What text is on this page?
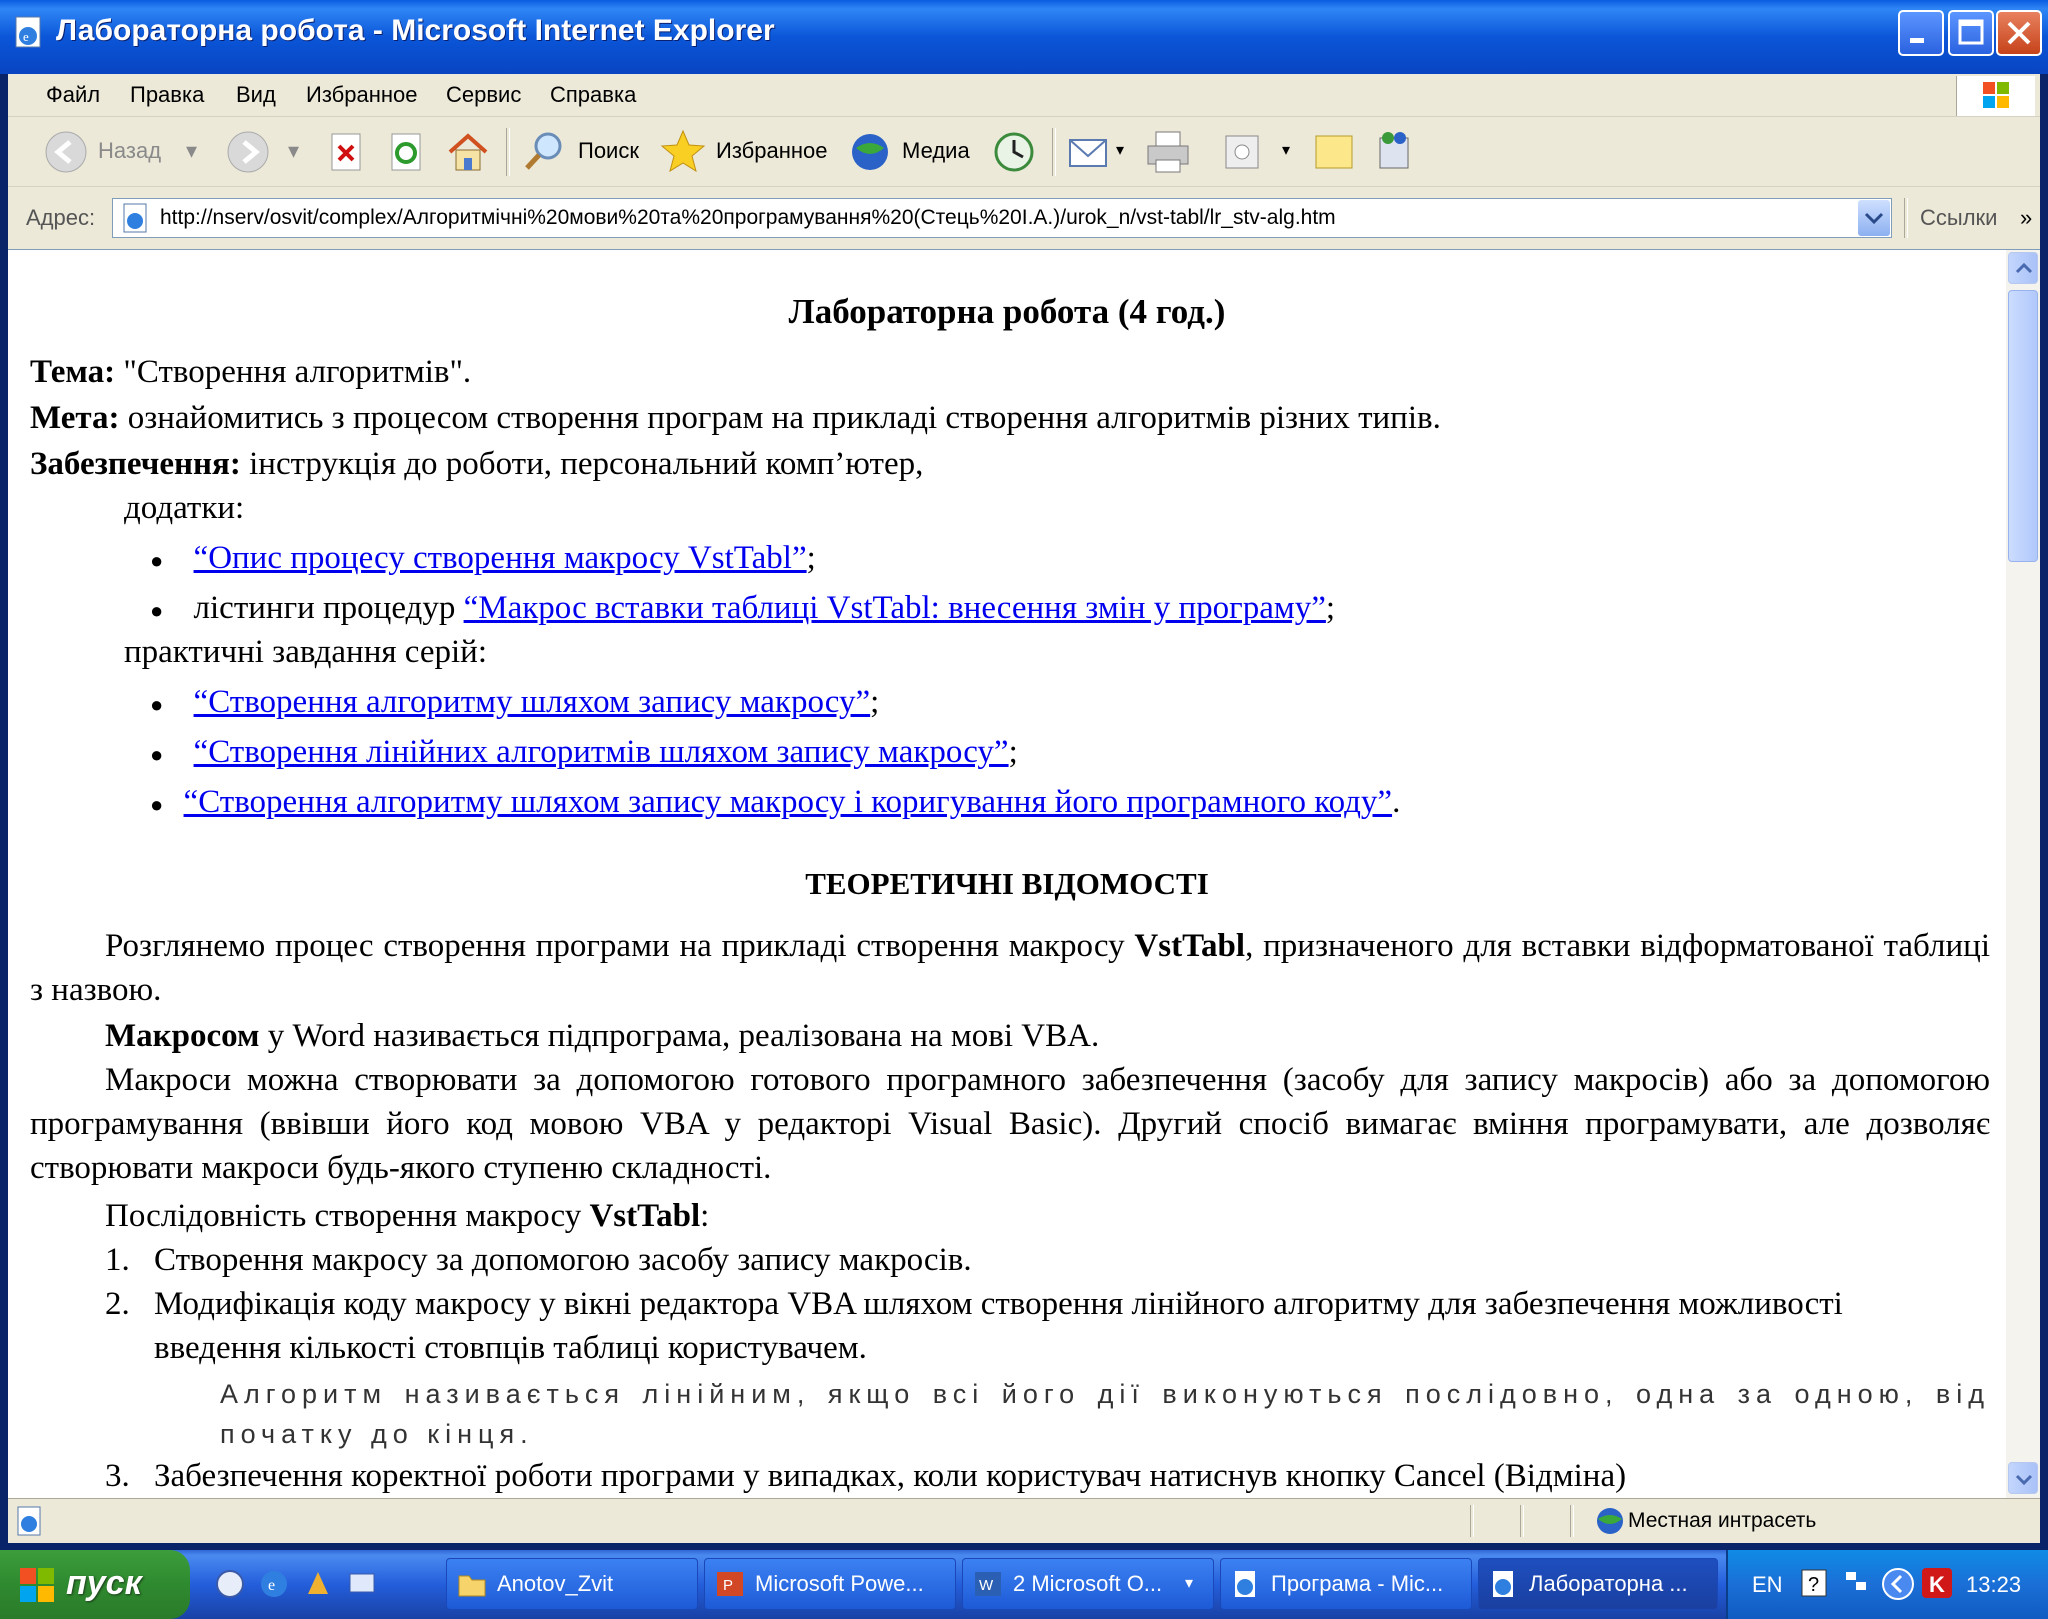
e Лабораторна робота - Microsoft Internet Explorer
Файл Правка Вид Избранное Сервис Справка
Назад ▾	▾	Поиск	Избранное	Медиа	▾	▾
Адрес:	http://nserv/osvit/complex/Алгоритмічні%20мови%20та%20програмування%20(Стець%20І.А.)/urok_n/vst-tabl/lr_stv-alg.htm	Ссылки »
Лабораторна робота (4 год.)
Тема: "Створення алгоритмів".
Мета: ознайомитись з процесом створення програм на прикладі створення алгоритмів різних типів.
Забезпечення: інструкція до роботи, персональний комп’ютер,
додатки:
● “Опис процесу створення макросу VstTabl”;
● лістинги процедур “Макрос вставки таблиці VstTabl: внесення змін у програму”;
практичні завдання серій:
● “Створення алгоритму шляхом запису макросу”;
● “Створення лінійних алгоритмів шляхом запису макросу”;
● “Створення алгоритму шляхом запису макросу і коригування його програмного коду”.
ТЕОРЕТИЧНІ ВІДОМОСТІ
Розглянемо процес створення програми на прикладі створення макросу VstTabl, призначеного для вставки відформатованої таблиці з назвою.
Макросом у Word називається підпрограма, реалізована на мові VBA.
Макроси можна створювати за допомогою готового програмного забезпечення (засобу для запису макросів) або за допомогою програмування (ввівши його код мовою VBA у редакторі Visual Basic). Другий спосіб вимагає вміння програмувати, але дозволяє створювати макроси будь-якого ступеню складності.
Послідовність створення макросу VstTabl:
1. Створення макросу за допомогою засобу запису макросів.
2. Модифікація коду макросу у вікні редактора VBA шляхом створення лінійного алгоритму для забезпечення можливості введення кількості стовпців таблиці користувачем.
Алгоритм називається лінійним, якщо всі його дії виконуються послідовно, одна за одною, від початку до кінця.
3. Забезпечення коректної роботи програми у випадках, коли користувач натиснув кнопку Cancel (Відміна)
Местная интрасеть
пуск	e	Anotov_Zvit	P Microsoft Powe...	W 2 Microsoft O... ▾	Програма - Mic...	Лабораторна ...	EN ?	K 13:23
